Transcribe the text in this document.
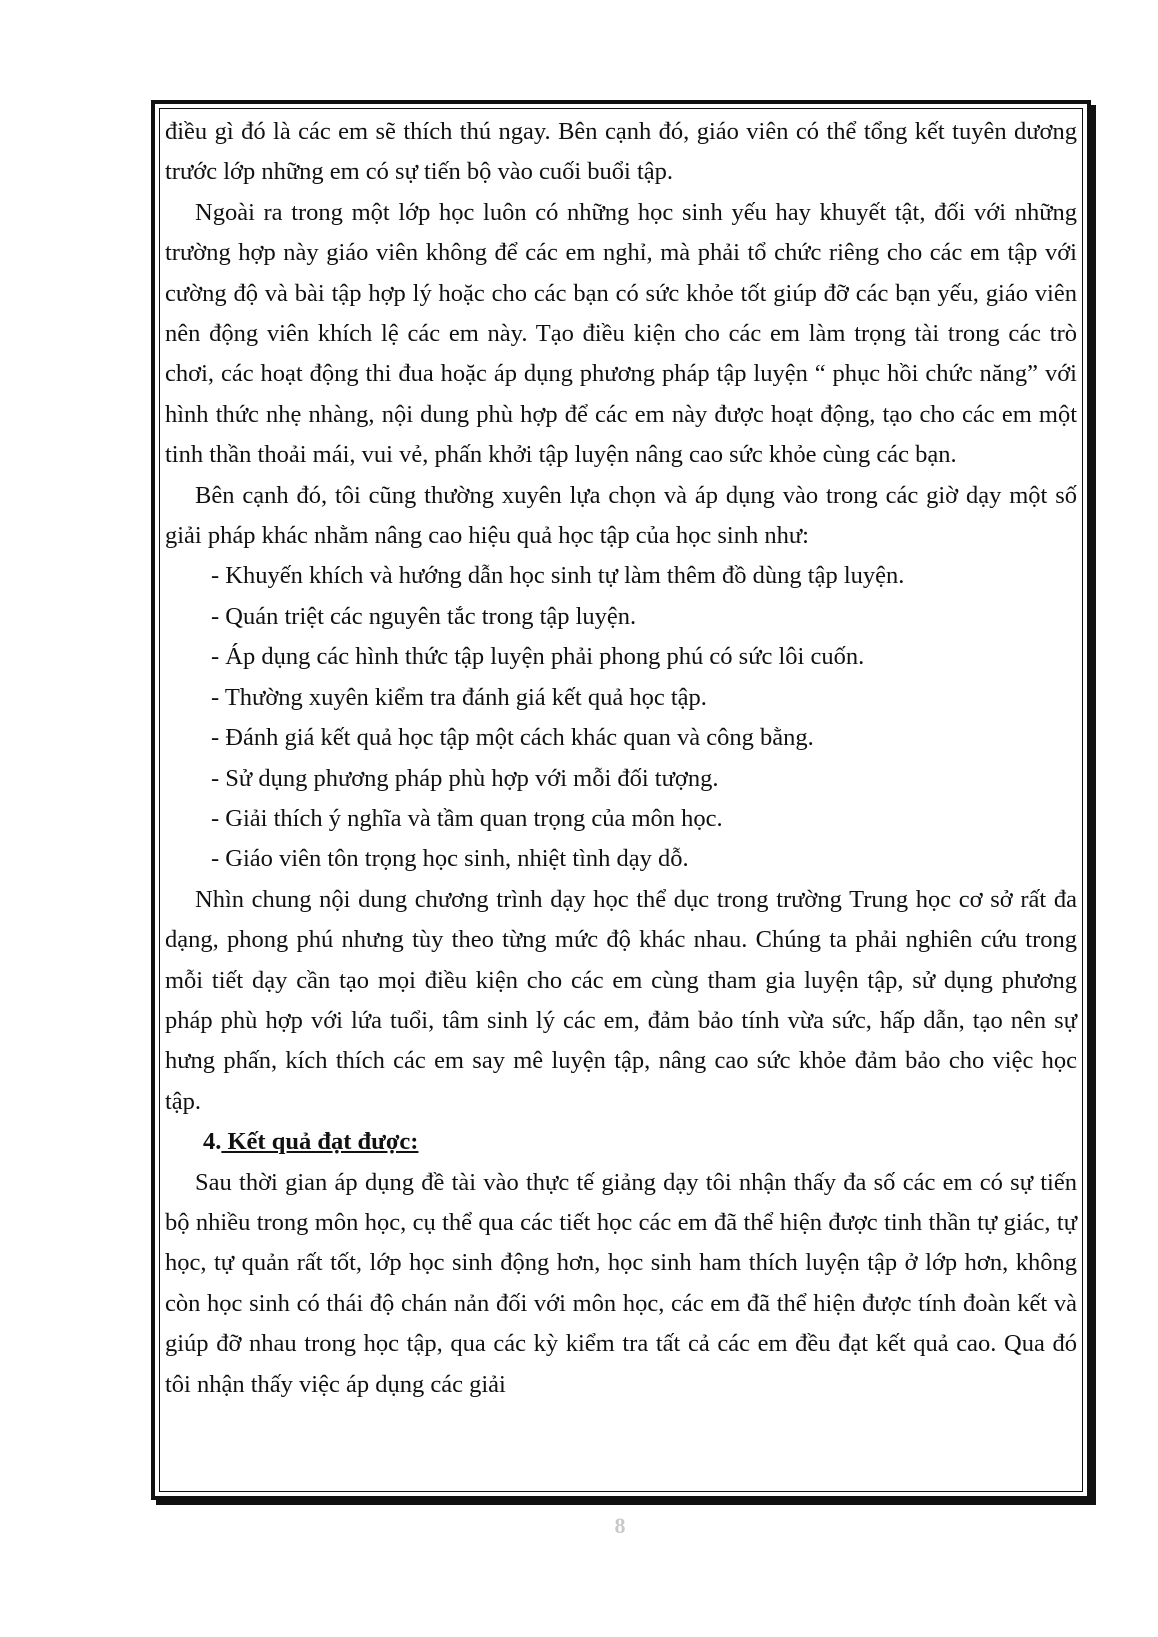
điều gì đó là các em sẽ thích thú ngay. Bên cạnh đó, giáo viên có thể tổng kết tuyên dương trước lớp những em có sự tiến bộ vào cuối buổi tập.

Ngoài ra trong một lớp học luôn có những học sinh yếu hay khuyết tật, đối với những trường hợp này giáo viên không để các em nghỉ, mà phải tổ chức riêng cho các em tập với cường độ và bài tập hợp lý hoặc cho các bạn có sức khỏe tốt giúp đỡ các bạn yếu, giáo viên nên động viên khích lệ các em này. Tạo điều kiện cho các em làm trọng tài trong các trò chơi, các hoạt động thi đua hoặc áp dụng phương pháp tập luyện “ phục hồi chức năng” với hình thức nhẹ nhàng, nội dung phù hợp để các em này được hoạt động, tạo cho các em một tinh thần thoải mái, vui vẻ, phấn khởi tập luyện nâng cao sức khỏe cùng các bạn.

Bên cạnh đó, tôi cũng thường xuyên lựa chọn và áp dụng vào trong các giờ dạy một số giải pháp khác nhằm nâng cao hiệu quả học tập của học sinh như:

- Khuyến khích và hướng dẫn học sinh tự làm thêm đồ dùng tập luyện.

- Quán triệt các nguyên tắc trong tập luyện.

- Áp dụng các hình thức tập luyện phải phong phú có sức lôi cuốn.

- Thường xuyên kiểm tra đánh giá kết quả học tập.

- Đánh giá kết quả học tập một cách khác quan và công bằng.

- Sử dụng phương pháp phù hợp với mỗi đối tượng.

- Giải thích ý nghĩa và tầm quan trọng của môn học.

- Giáo viên tôn trọng học sinh, nhiệt tình dạy dỗ.

Nhìn chung nội dung chương trình dạy học thể dục trong trường Trung học cơ sở rất đa dạng, phong phú nhưng tùy theo từng mức độ khác nhau. Chúng ta phải nghiên cứu trong mỗi tiết dạy cần tạo mọi điều kiện cho các em cùng tham gia luyện tập, sử dụng phương pháp phù hợp với lứa tuổi, tâm sinh lý các em, đảm bảo tính vừa sức, hấp dẫn, tạo nên sự hưng phấn, kích thích các em say mê luyện tập, nâng cao sức khỏe đảm bảo cho việc học tập.

4. Kết quả đạt được:

Sau thời gian áp dụng đề tài vào thực tế giảng dạy tôi nhận thấy đa số các em có sự tiến bộ nhiều trong môn học, cụ thể qua các tiết học các em đã thể hiện được tinh thần tự giác, tự học, tự quản rất tốt, lớp học sinh động hơn, học sinh ham thích luyện tập ở lớp hơn, không còn học sinh có thái độ chán nản đối với môn học, các em đã thể hiện được tính đoàn kết và giúp đỡ nhau trong học tập, qua các kỳ kiểm tra tất cả các em đều đạt kết quả cao. Qua đó tôi nhận thấy việc áp dụng các giải

8
